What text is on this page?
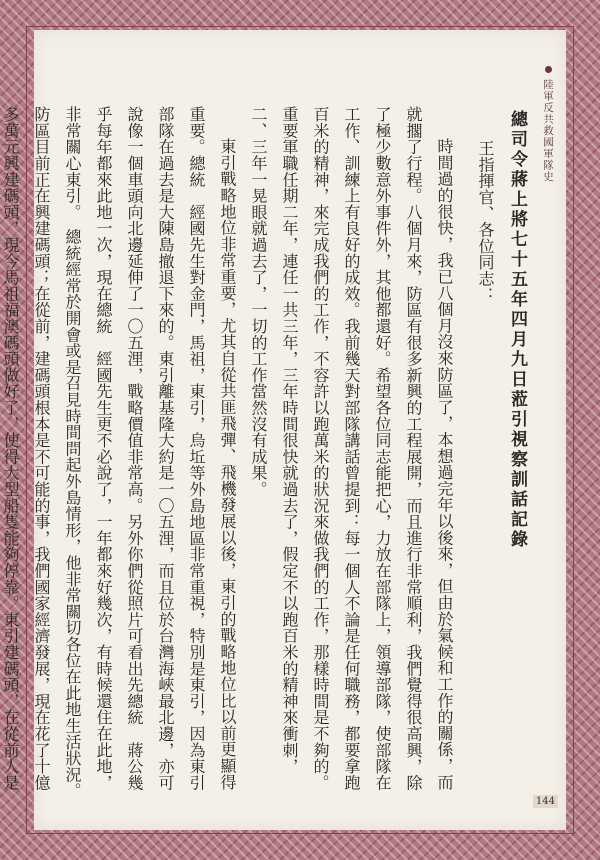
陸軍反共救國軍隊史

總司令蔣上將七十五年四月九日蒞引視察訓話記錄

王指揮官、各位同志：

時間過的很快，我已八個月沒來防區了，本想過完年以後來，但由於氣候和工作的關係，而就擱了行程。八個月來，防區有很多新興的工程展開，而且進行非常順利，我們覺得很高興，除了極少數意外事件外，其他都還好。希望各位同志能把心，力放在部隊上，領導部隊，使部隊在工作、訓練上有良好的成效。我前幾天對部隊講話曾提到：每一個人不論是任何職務，都要拿跑百米的精神，來完成我們的工作，不容許以跑萬米的狀況來做我們的工作，那樣時間是不夠的。重要軍職任期二年，連任一共三年，三年時間很快就過去了，假定不以跑百米的精神來衝刺，二、三年一晃眼就過去了，一切的工作當然沒有成果。

東引戰略地位非常重要，尤其自從共匪飛彈、飛機發展以後，東引的戰略地位比以前更顯得重要。總統　經國先生對金門，馬祖，東引，烏坵等外島地區非常重視，特別是東引，因為東引部隊在過去是大陳島撤退下來的。東引離基隆大約是一〇五浬，而且位於台灣海峽最北邊，亦可說像一個車頭向北邊延伸了一〇五浬，戰略價值非常高。另外你們從照片可看出先總統　蔣公幾乎每年都來此地一次，現在總統　經國先生更不必說了，一年都來好幾次，有時候還住在此地，非常關心東引。　總統經常於開會或是召見時間問起外島情形，他非常關切各位在此地生活狀況。防區目前正在興建碼頭；在從前，建碼頭根本是不可能的事，我們國家經濟發展，現在花了十億多萬元興建碼頭，現今馬祖福澳碼頭做好了，使得大型船隻能夠停靠。東引建碼頭，在從前人是

144
